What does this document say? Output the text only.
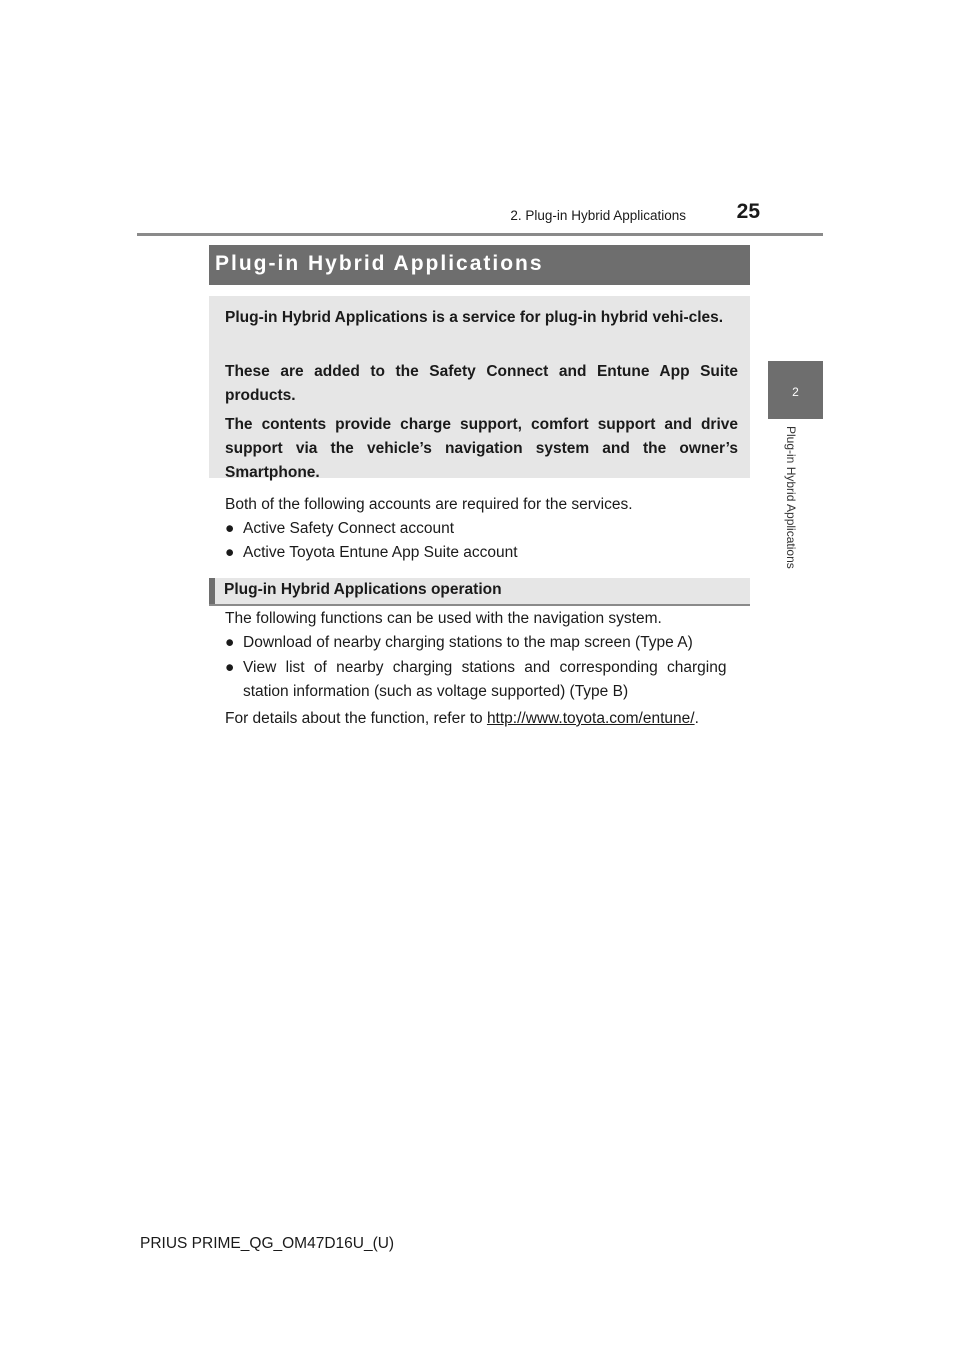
2. Plug-in Hybrid Applications	25
2
Plug-in Hybrid Applications
Plug-in Hybrid Applications

Plug-in Hybrid Applications is a service for plug-in hybrid vehi-cles.

These are added to the Safety Connect and Entune App Suite products.

The contents provide charge support, comfort support and drive support via the vehicle’s navigation system and the owner’s Smartphone.

Both of the following accounts are required for the services.
● Active Safety Connect account
● Active Toyota Entune App Suite account
Plug-in Hybrid Applications operation
The following functions can be used with the navigation system.
● Download of nearby charging stations to the map screen (Type A)
● View list of nearby charging stations and corresponding charging
station information (such as voltage supported) (Type B)
For details about the function, refer to http://www.toyota.com/entune/.
PRIUS PRIME_QG_OM47D16U_(U)
